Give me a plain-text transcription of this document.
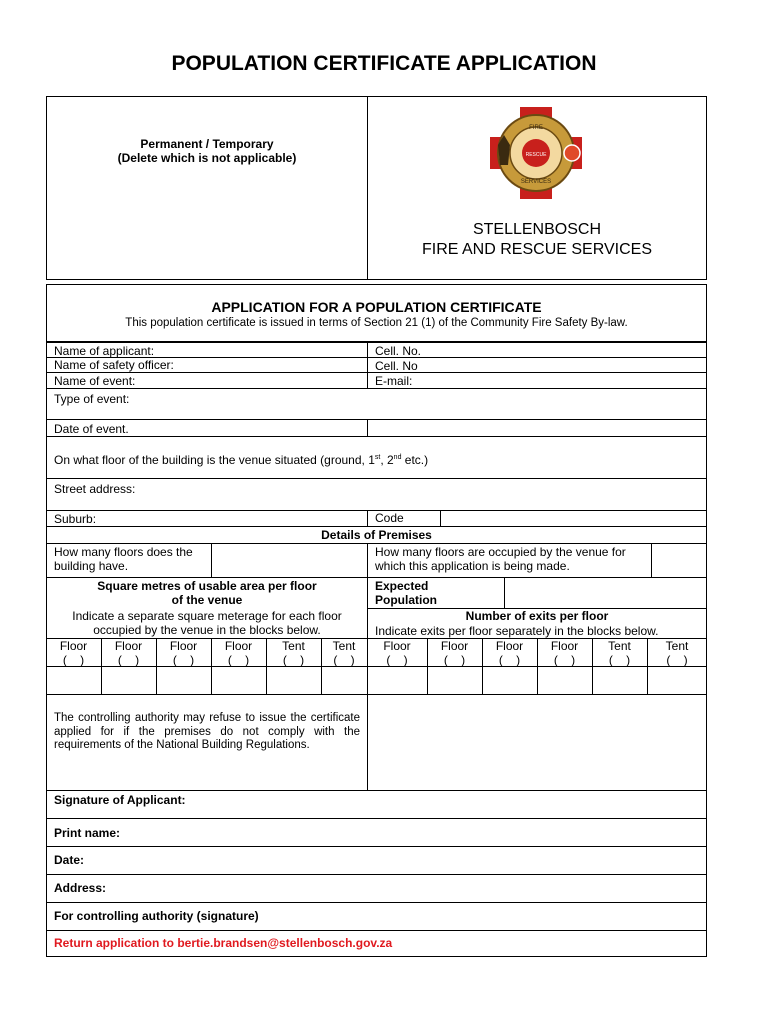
POPULATION CERTIFICATE APPLICATION
Permanent / Temporary
(Delete which is not applicable)
FIRE
RESCUE
SERVICES
STELLENBOSCH
FIRE AND RESCUE SERVICES
APPLICATION FOR A POPULATION CERTIFICATE
This population certificate is issued in terms of Section 21 (1) of the Community Fire Safety By-law.
Name of applicant:
Name of safety officer:
Name of event:
Cell. No.
Cell. No
E-mail:
Type of event:
Date of event.
On what floor of the building is the venue situated (ground, 1st, 2nd etc.)
Street address:
Suburb:	Code
Details of Premises
How many floors does the
building have.
How many floors are occupied by the venue for
which this application is being made.
Square metres of usable area per floor
of the venue
Indicate a separate square meterage for each floor
occupied by the venue in the blocks below.
Expected
Population
Number of exits per floor
Indicate exits per floor separately in the blocks below.
Floor
(    )
Floor
(    )
Floor
(    )
Floor
(    )
Tent
(    )
Tent
(    )
Floor
(    )
Floor
(    )
Floor
(    )
Floor
(    )
Tent
(    )
Tent
(    )
The controlling authority may refuse to issue the certificate applied for if the premises do not comply with the requirements of the National Building Regulations.
Signature of Applicant:
Print name:
Date:
Address:
For controlling authority (signature)
Return application to bertie.brandsen@stellenbosch.gov.za
